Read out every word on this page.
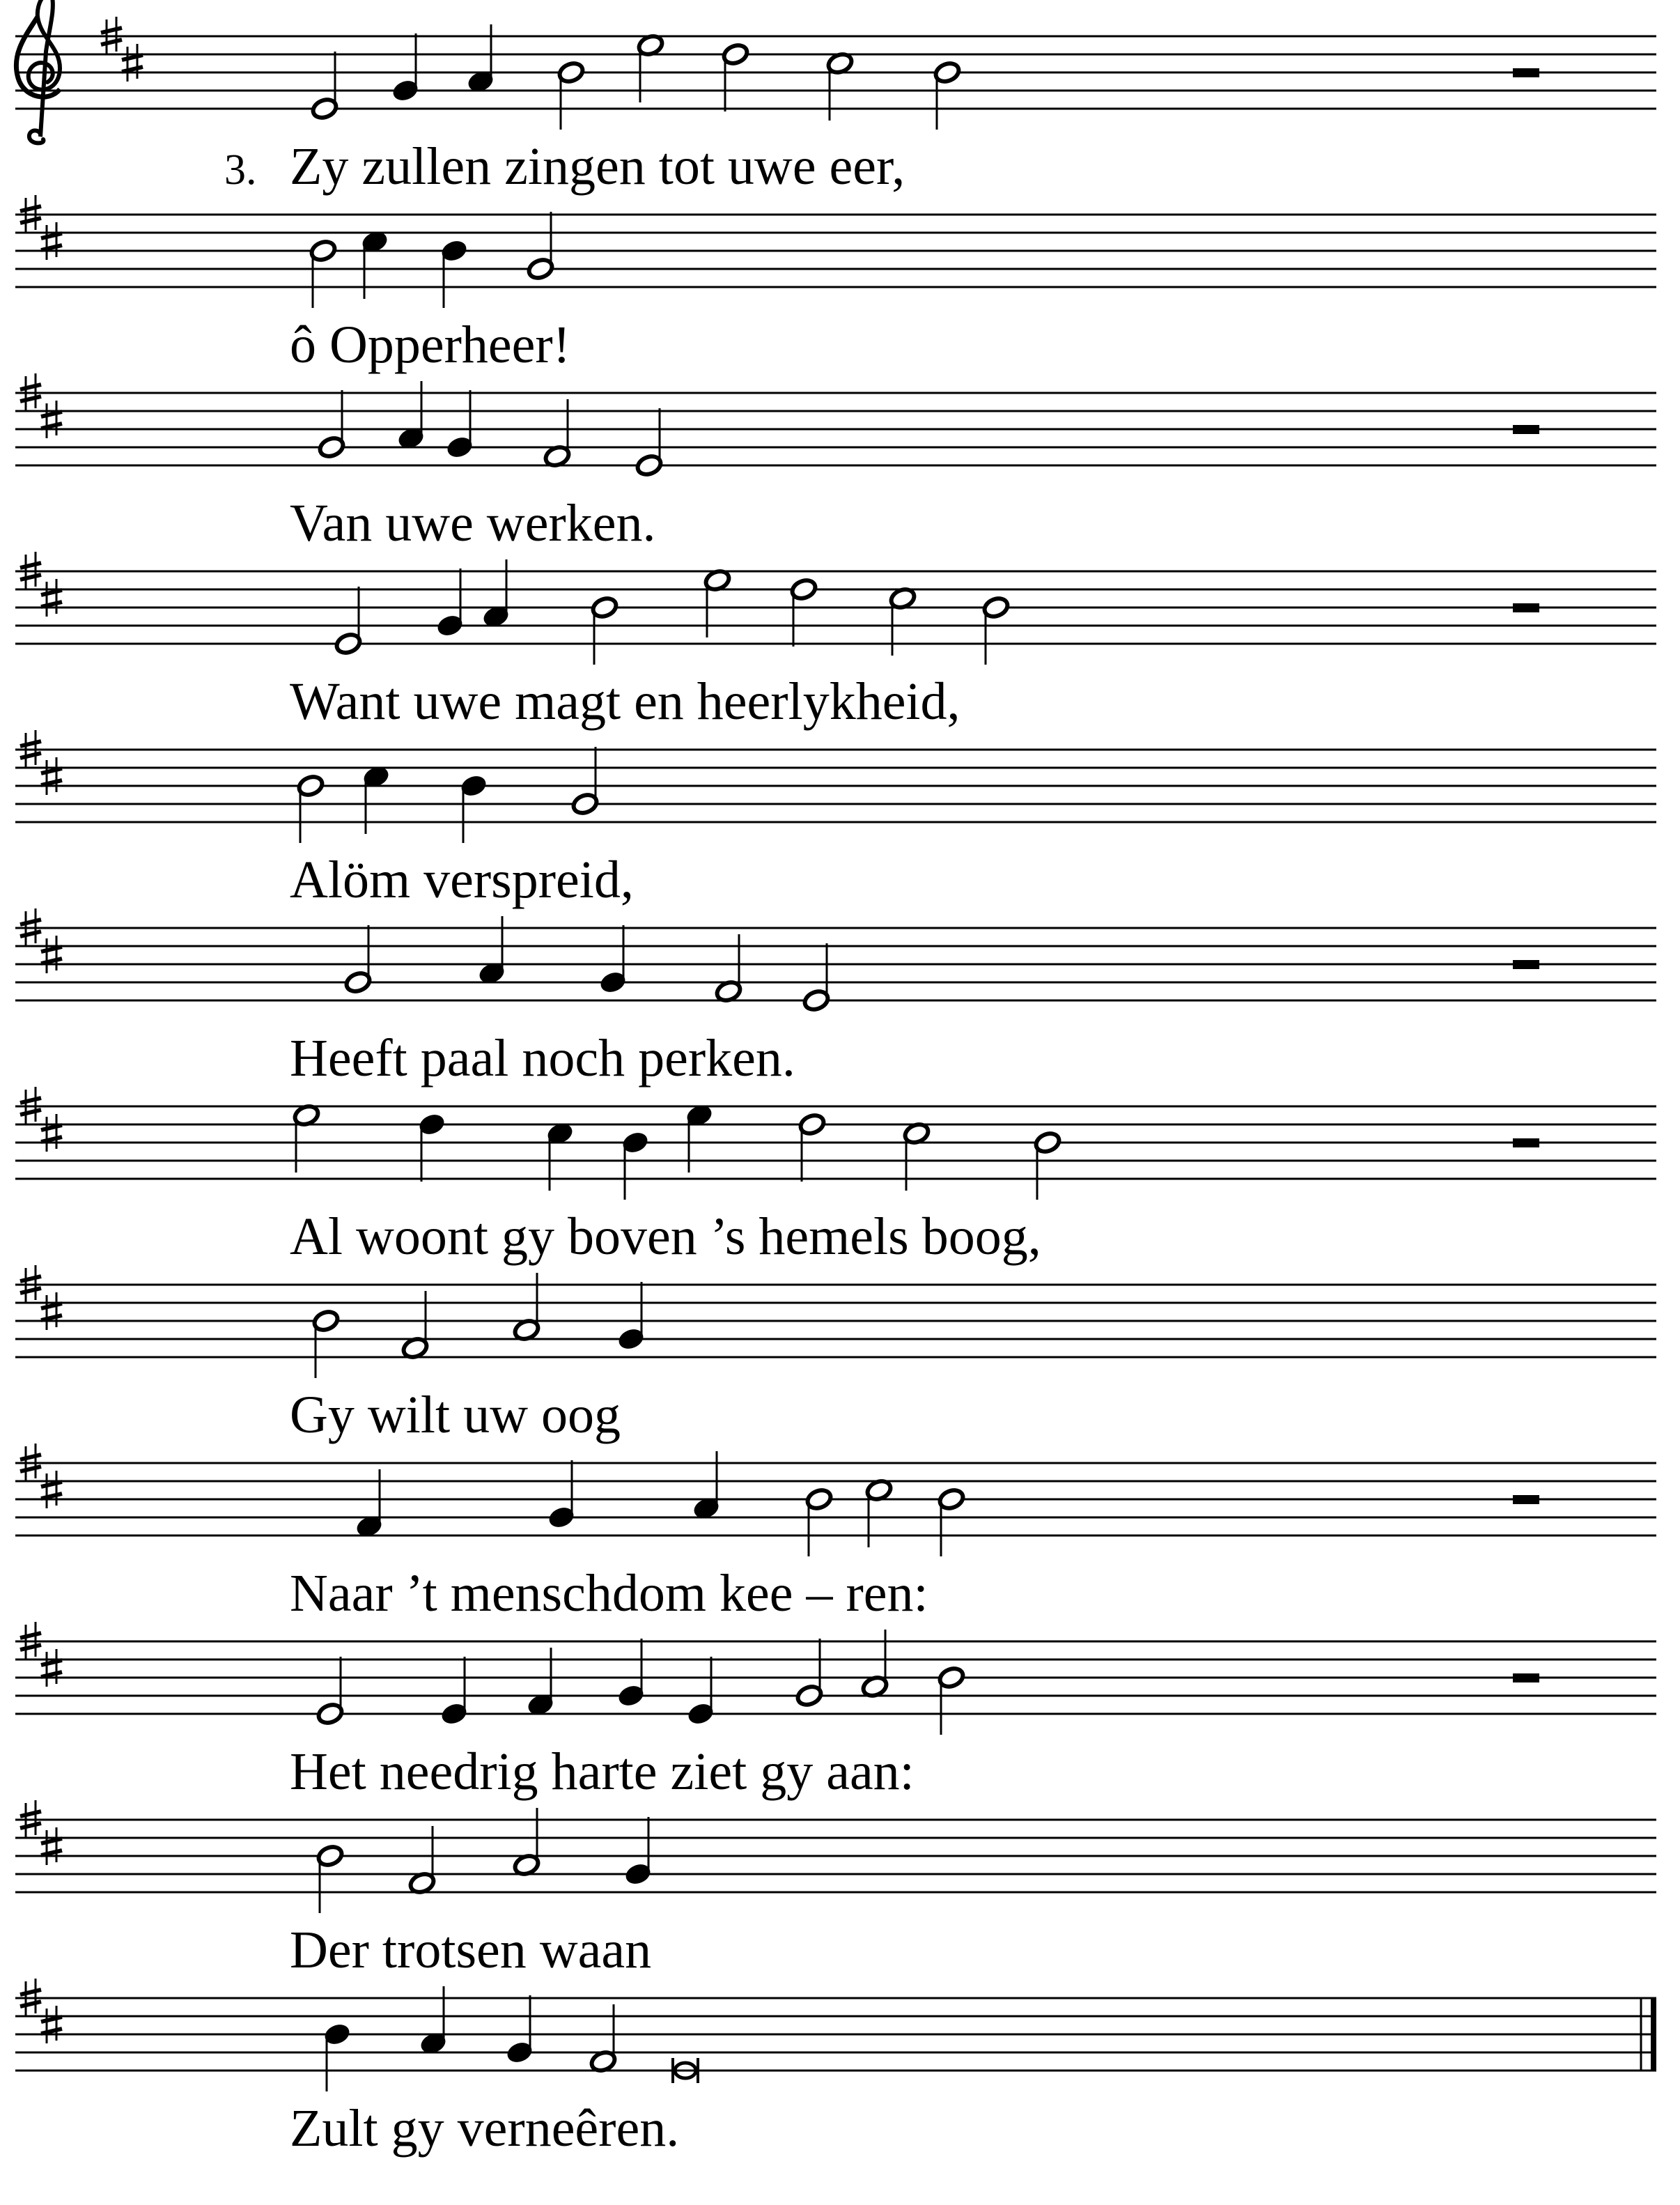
3. Zy zullen zingen tot uwe eer,
ô Opperheer!
Van uwe werken.
Want uwe magt en heerlykheid,
Alöm verspreid,
Heeft paal noch perken.
Al woont gy boven ’s hemels boog,
Gy wilt uw oog
Naar ’t menschdom kee – ren:
Het needrig harte ziet gy aan:
Der trotsen waan
Zult gy verneêren.
